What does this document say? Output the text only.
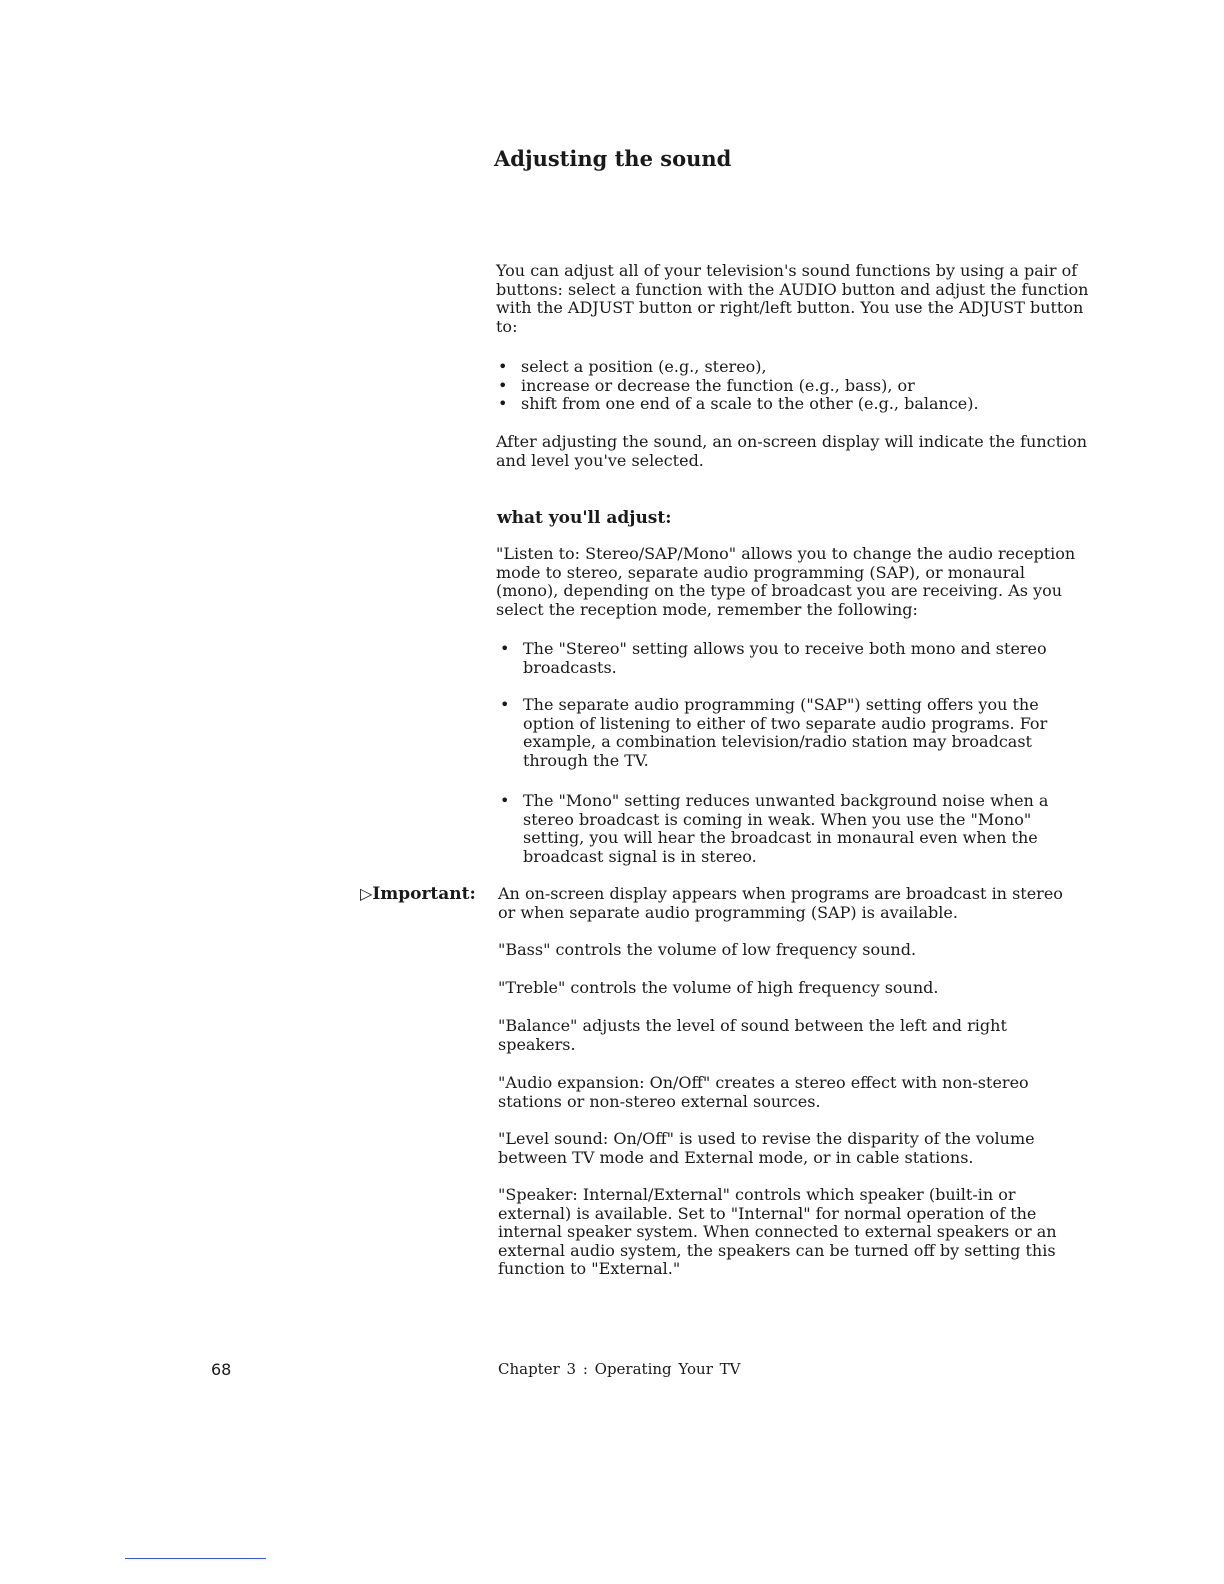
Adjusting the sound

You can adjust all of your television's sound functions by using a pair of buttons: select a function with the AUDIO button and adjust the function with the ADJUST button or right/left button. You use the ADJUST button to:

• select a position (e.g., stereo),
• increase or decrease the function (e.g., bass), or
• shift from one end of a scale to the other (e.g., balance).

After adjusting the sound, an on-screen display will indicate the function and level you've selected.

what you'll adjust:

"Listen to: Stereo/SAP/Mono" allows you to change the audio reception mode to stereo, separate audio programming (SAP), or monaural (mono), depending on the type of broadcast you are receiving. As you select the reception mode, remember the following:

• The "Stereo" setting allows you to receive both mono and stereo broadcasts.
• The separate audio programming ("SAP") setting offers you the option of listening to either of two separate audio programs. For example, a combination television/radio station may broadcast through the TV.
• The "Mono" setting reduces unwanted background noise when a stereo broadcast is coming in weak. When you use the "Mono" setting, you will hear the broadcast in monaural even when the broadcast signal is in stereo.
▷Important: An on-screen display appears when programs are broadcast in stereo or when separate audio programming (SAP) is available.

"Bass" controls the volume of low frequency sound.

"Treble" controls the volume of high frequency sound.

"Balance" adjusts the level of sound between the left and right speakers.

"Audio expansion: On/Off" creates a stereo effect with non-stereo stations or non-stereo external sources.

"Level sound: On/Off" is used to revise the disparity of the volume between TV mode and External mode, or in cable stations.

"Speaker: Internal/External" controls which speaker (built-in or external) is available. Set to "Internal" for normal operation of the internal speaker system. When connected to external speakers or an external audio system, the speakers can be turned off by setting this function to "External."

68	Chapter 3 : Operating Your TV
